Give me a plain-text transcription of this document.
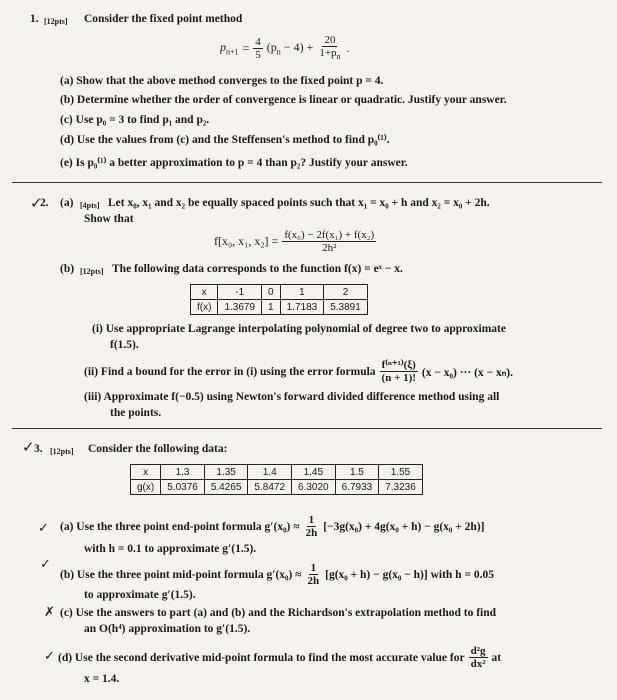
1. [12pts] Consider the fixed point method
$p_{n+1} = \frac{4}{5} (p_n - 4) + \frac{20}{1+p_n}$ .
(a) Show that the above method converges to the fixed point p = 4.
(b) Determine whether the order of convergence is linear or quadratic. Justify your answer.
(c) Use p₀ = 3 to find p₁ and p₂.
(d) Use the values from (c) and the Steffensen's method to find p₀⁽¹⁾.
(e) Is p₀⁽¹⁾ a better approximation to p = 4 than p₂? Justify your answer.
✓
2. (a) [4pts] Let x₀, x₁ and x₂ be equally spaced points such that x₁ = x₀ + h and x₂ = x₀ + 2h.
Show that
f[x₀, x₁, $x_2] = \frac{\text{f(x₀) − 2f(x₁) + f(x₂)}}{\text{2h²}}$
(b) [12pts] The following data corresponds to the function f(x) = eˣ − x.
x	-1	0	1	2
f(x)	1.3679	1	1.7183	5.3891
(i) Use appropriate Lagrange interpolating polynomial of degree two to approximate
f(1.5).
(ii) Find a bound for the error in (i) using the error formula $\frac{\text{f⁽ⁿ⁺¹⁾(ξ)}}{(n + 1)!} (x - x_0)$ ··· (x − xₙ).
(iii) Approximate f(−0.5) using Newton's forward divided difference method using all
the points.
✓ 3. [12pts] Consider the following data:
x	1.3	1.35	1.4	1.45	1.5	1.55
g(x)	5.0376	5.4265	5.8472	6.3020	6.7933	7.3236
✓ (a) Use the three point end-point formula $g'(x_0) \approx \frac{1}{2h} [-3g(x_0) + 4g(x_0 + h) - g(x_0 + 2h)]$
with h = 0.1 to approximate g′(1.5).
✓
(b) Use the three point mid-point formula $g'(x_0) \approx \frac{1}{2h} [g(x_0 + h) - g(x_0 - h)]$ with h = 0.05
to approximate g′(1.5).
✗ (c) Use the answers to part (a) and (b) and the Richardson's extrapolation method to find
an O(h⁴) approximation to g′(1.5).
✓ (d) Use the second derivative mid-point formula to find the most accurate value for $\frac{\text{d²g}}{\text{dx²}}$ at
x = 1.4.
